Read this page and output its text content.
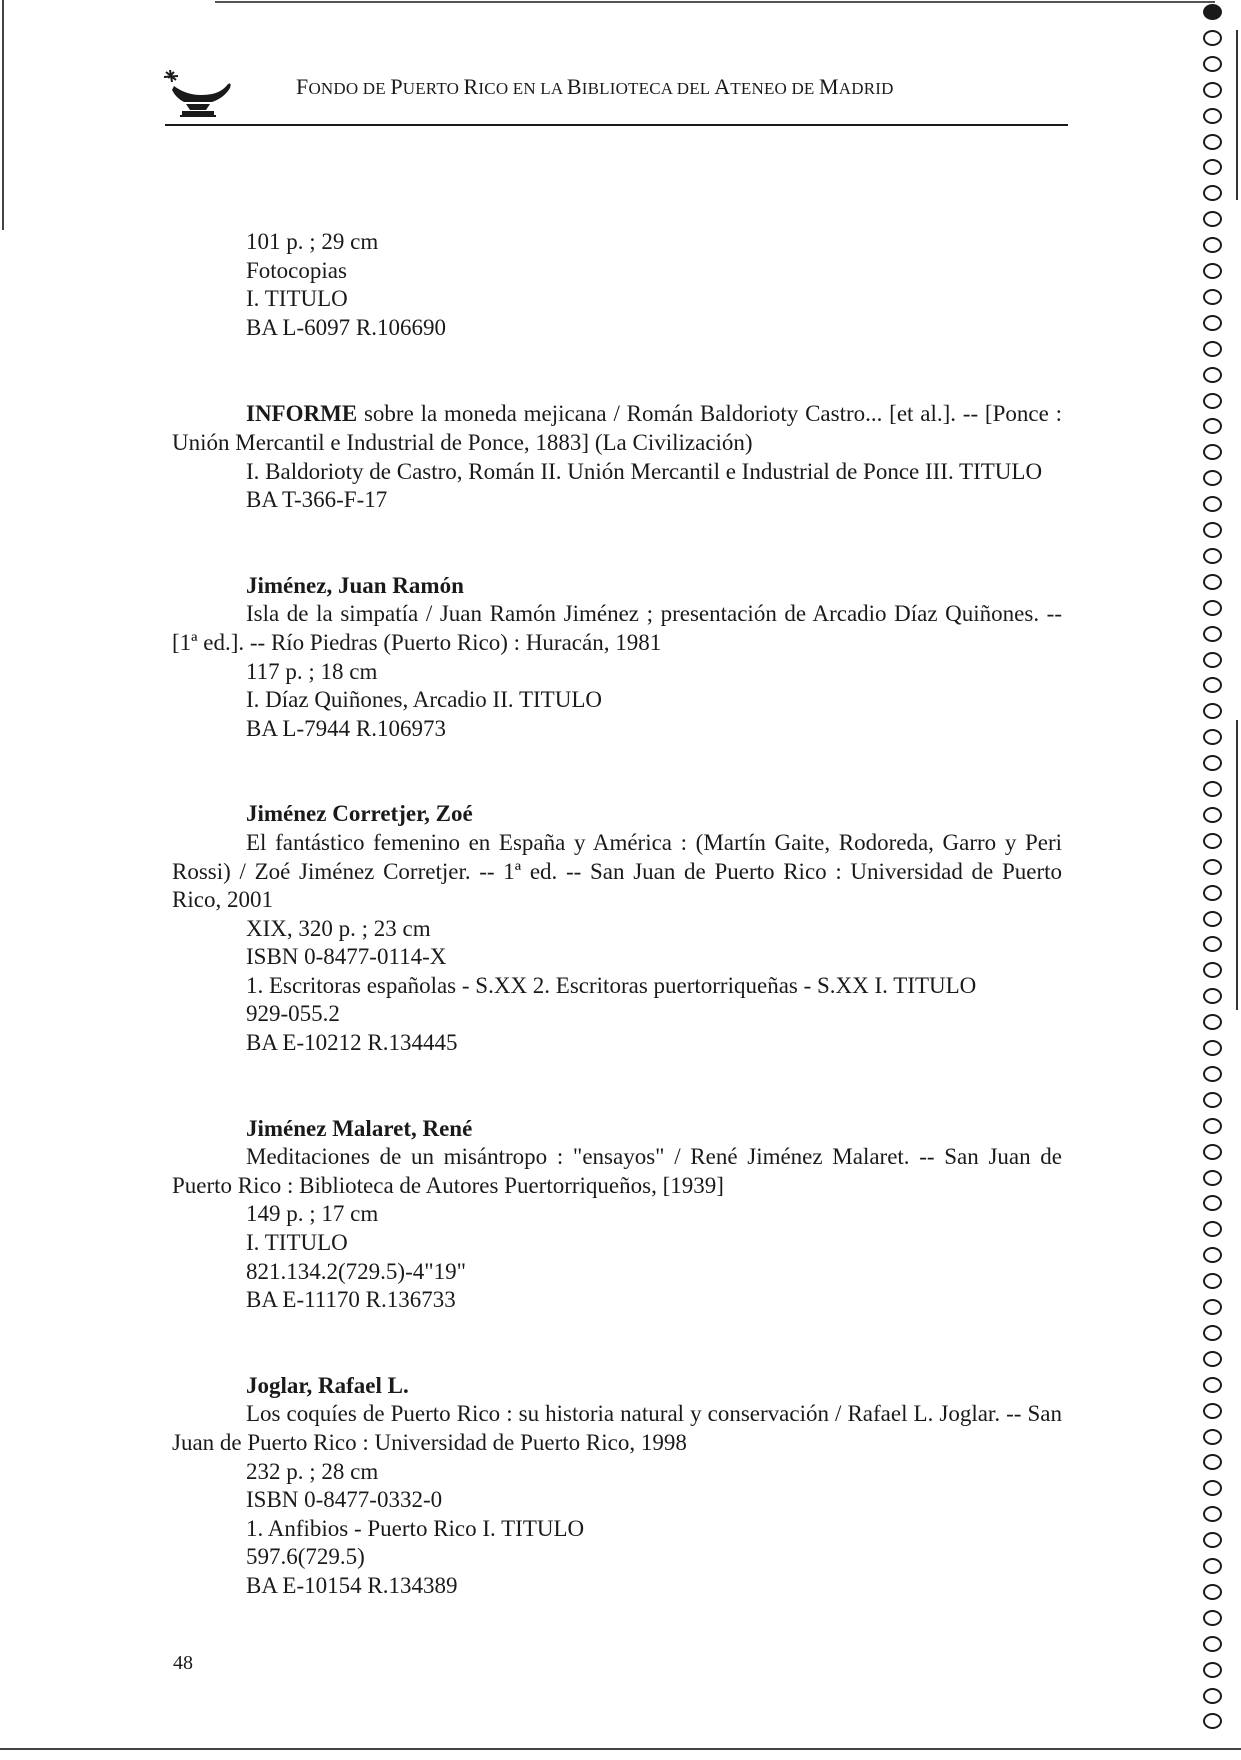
FONDO DE PUERTO RICO EN LA BIBLIOTECA DEL ATENEO DE MADRID

101 p. ; 29 cm

Fotocopias

I. TITULO

BA L-6097 R.106690

INFORME sobre la moneda mejicana / Román Baldorioty Castro... [et al.]. -- [Ponce : Unión Mercantil e Industrial de Ponce, 1883] (La Civilización)

I. Baldorioty de Castro, Román II. Unión Mercantil e Industrial de Ponce III. TITULO

BA T-366-F-17

Jiménez, Juan Ramón

Isla de la simpatía / Juan Ramón Jiménez ; presentación de Arcadio Díaz Quiñones. -- [1ª ed.]. -- Río Piedras (Puerto Rico) : Huracán, 1981

117 p. ; 18 cm

I. Díaz Quiñones, Arcadio II. TITULO

BA L-7944 R.106973

Jiménez Corretjer, Zoé

El fantástico femenino en España y América : (Martín Gaite, Rodoreda, Garro y Peri Rossi) / Zoé Jiménez Corretjer. -- 1ª ed. -- San Juan de Puerto Rico : Universidad de Puerto Rico, 2001

XIX, 320 p. ; 23 cm

ISBN 0-8477-0114-X

1. Escritoras españolas - S.XX 2. Escritoras puertorriqueñas - S.XX I. TITULO

929-055.2

BA E-10212 R.134445

Jiménez Malaret, René

Meditaciones de un misántropo : "ensayos" / René Jiménez Malaret. -- San Juan de Puerto Rico : Biblioteca de Autores Puertorriqueños, [1939]

149 p. ; 17 cm

I. TITULO

821.134.2(729.5)-4"19"

BA E-11170 R.136733

Joglar, Rafael L.

Los coquíes de Puerto Rico : su historia natural y conservación / Rafael L. Joglar. -- San Juan de Puerto Rico : Universidad de Puerto Rico, 1998

232 p. ; 28 cm

ISBN 0-8477-0332-0

1. Anfibios - Puerto Rico I. TITULO

597.6(729.5)

BA E-10154 R.134389

48
